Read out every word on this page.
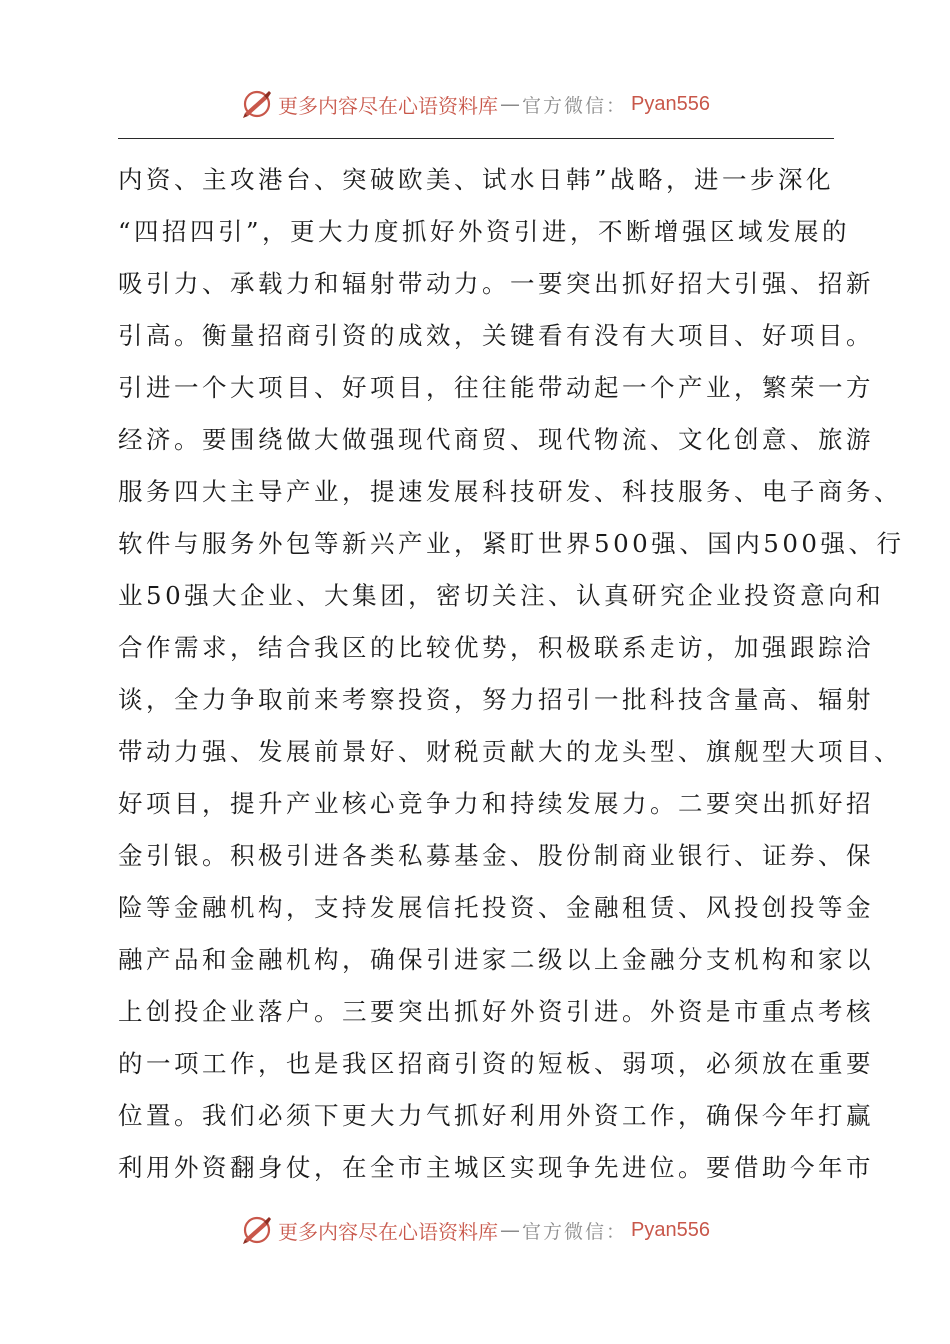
更多内容尽在心语资料库 — 官方微信： Pyan556
内资、主攻港台、突破欧美、试水日韩”战略，进一步深化
“四招四引”，更大力度抓好外资引进，不断增强区域发展的
吸引力、承载力和辐射带动力。一要突出抓好招大引强、招新
引高。衡量招商引资的成效，关键看有没有大项目、好项目。
引进一个大项目、好项目，往往能带动起一个产业，繁荣一方
经济。要围绕做大做强现代商贸、现代物流、文化创意、旅游
服务四大主导产业，提速发展科技研发、科技服务、电子商务、
软件与服务外包等新兴产业，紧盯世界500强、国内500强、行
业50强大企业、大集团，密切关注、认真研究企业投资意向和
合作需求，结合我区的比较优势，积极联系走访，加强跟踪洽
谈，全力争取前来考察投资，努力招引一批科技含量高、辐射
带动力强、发展前景好、财税贡献大的龙头型、旗舰型大项目、
好项目，提升产业核心竞争力和持续发展力。二要突出抓好招
金引银。积极引进各类私募基金、股份制商业银行、证券、保
险等金融机构，支持发展信托投资、金融租赁、风投创投等金
融产品和金融机构，确保引进家二级以上金融分支机构和家以
上创投企业落户。三要突出抓好外资引进。外资是市重点考核
的一项工作，也是我区招商引资的短板、弱项，必须放在重要
位置。我们必须下更大力气抓好利用外资工作，确保今年打赢
利用外资翻身仗，在全市主城区实现争先进位。要借助今年市
更多内容尽在心语资料库 — 官方微信： Pyan556
